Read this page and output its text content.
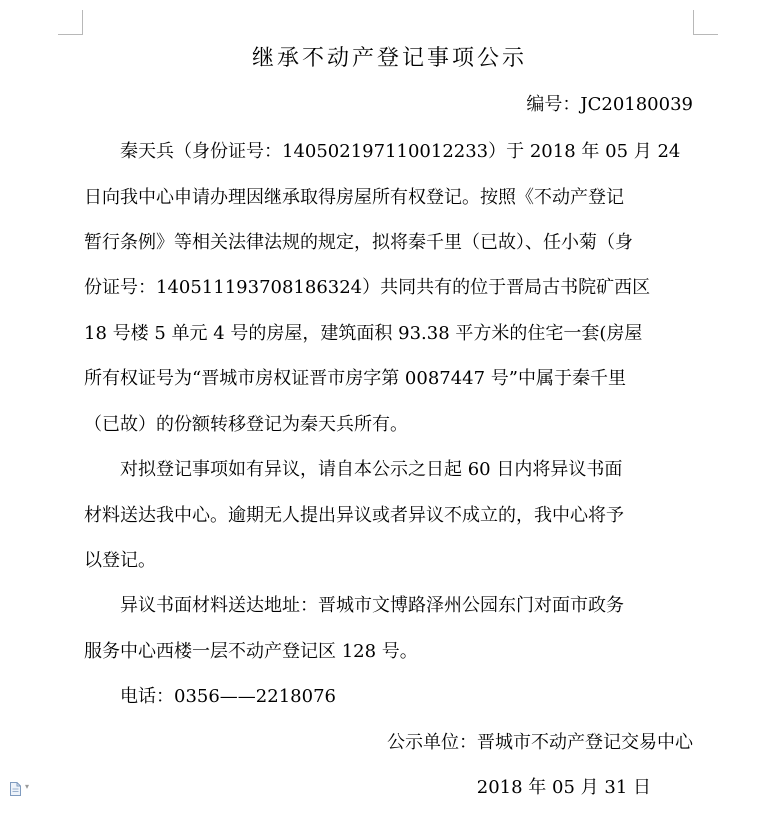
继承不动产登记事项公示
编号：JC20180039
秦天兵（身份证号：140502197110012233）于 2018 年 05 月 24
日向我中心申请办理因继承取得房屋所有权登记。按照《不动产登记
暂行条例》等相关法律法规的规定，拟将秦千里（已故）、任小菊（身
份证号：140511193708186324）共同共有的位于晋局古书院矿西区
18 号楼 5 单元 4 号的房屋，建筑面积 93.38 平方米的住宅一套(房屋
所有权证号为“晋城市房权证晋市房字第 0087447 号”中属于秦千里
（已故）的份额转移登记为秦天兵所有。
对拟登记事项如有异议，请自本公示之日起 60 日内将异议书面
材料送达我中心。逾期无人提出异议或者异议不成立的，我中心将予
以登记。
异议书面材料送达地址：晋城市文博路泽州公园东门对面市政务
服务中心西楼一层不动产登记区 128 号。
电话：0356——2218076
公示单位：晋城市不动产登记交易中心
2018 年 05 月 31 日
▾
